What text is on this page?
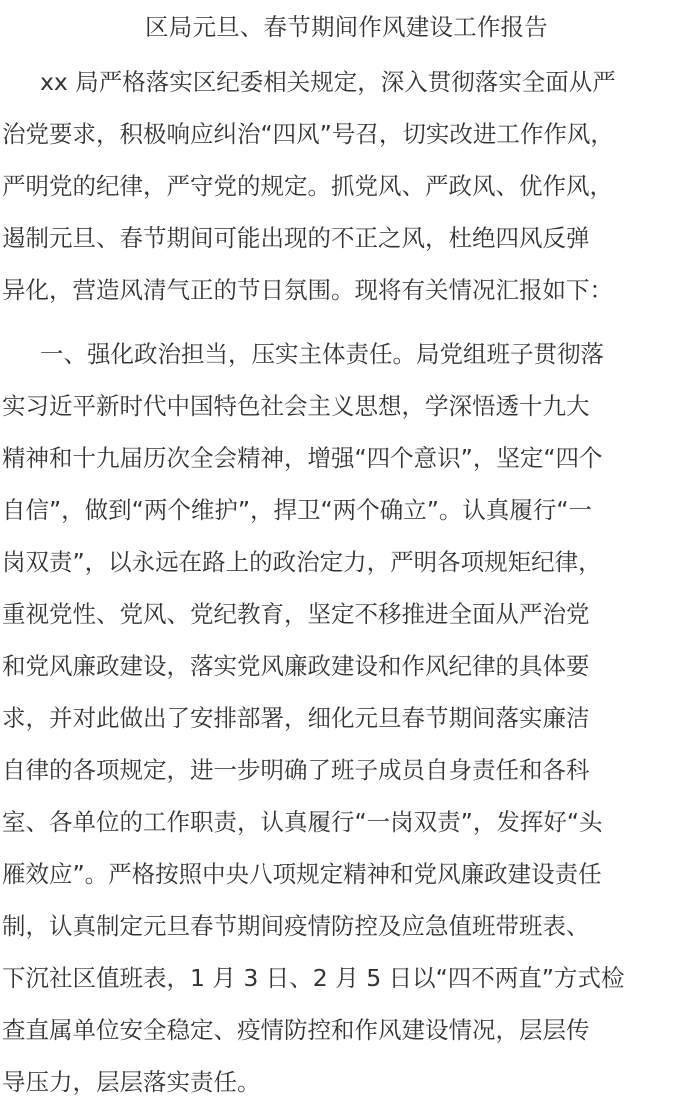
区局元旦、春节期间作风建设工作报告
xx 局严格落实区纪委相关规定，深入贯彻落实全面从严
治党要求，积极响应纠治“四风”号召，切实改进工作作风，
严明党的纪律，严守党的规定。抓党风、严政风、优作风，
遏制元旦、春节期间可能出现的不正之风，杜绝四风反弹
异化，营造风清气正的节日氛围。现将有关情况汇报如下：
一、强化政治担当，压实主体责任。局党组班子贯彻落
实习近平新时代中国特色社会主义思想，学深悟透十九大
精神和十九届历次全会精神，增强“四个意识”，坚定“四个
自信”，做到“两个维护”，捍卫“两个确立”。认真履行“一
岗双责”，以永远在路上的政治定力，严明各项规矩纪律，
重视党性、党风、党纪教育，坚定不移推进全面从严治党
和党风廉政建设，落实党风廉政建设和作风纪律的具体要
求，并对此做出了安排部署，细化元旦春节期间落实廉洁
自律的各项规定，进一步明确了班子成员自身责任和各科
室、各单位的工作职责，认真履行“一岗双责”，发挥好“头
雁效应”。严格按照中央八项规定精神和党风廉政建设责任
制，认真制定元旦春节期间疫情防控及应急值班带班表、
下沉社区值班表，1 月 3 日、2 月 5 日以“四不两直”方式检
查直属单位安全稳定、疫情防控和作风建设情况，层层传
导压力，层层落实责任。
